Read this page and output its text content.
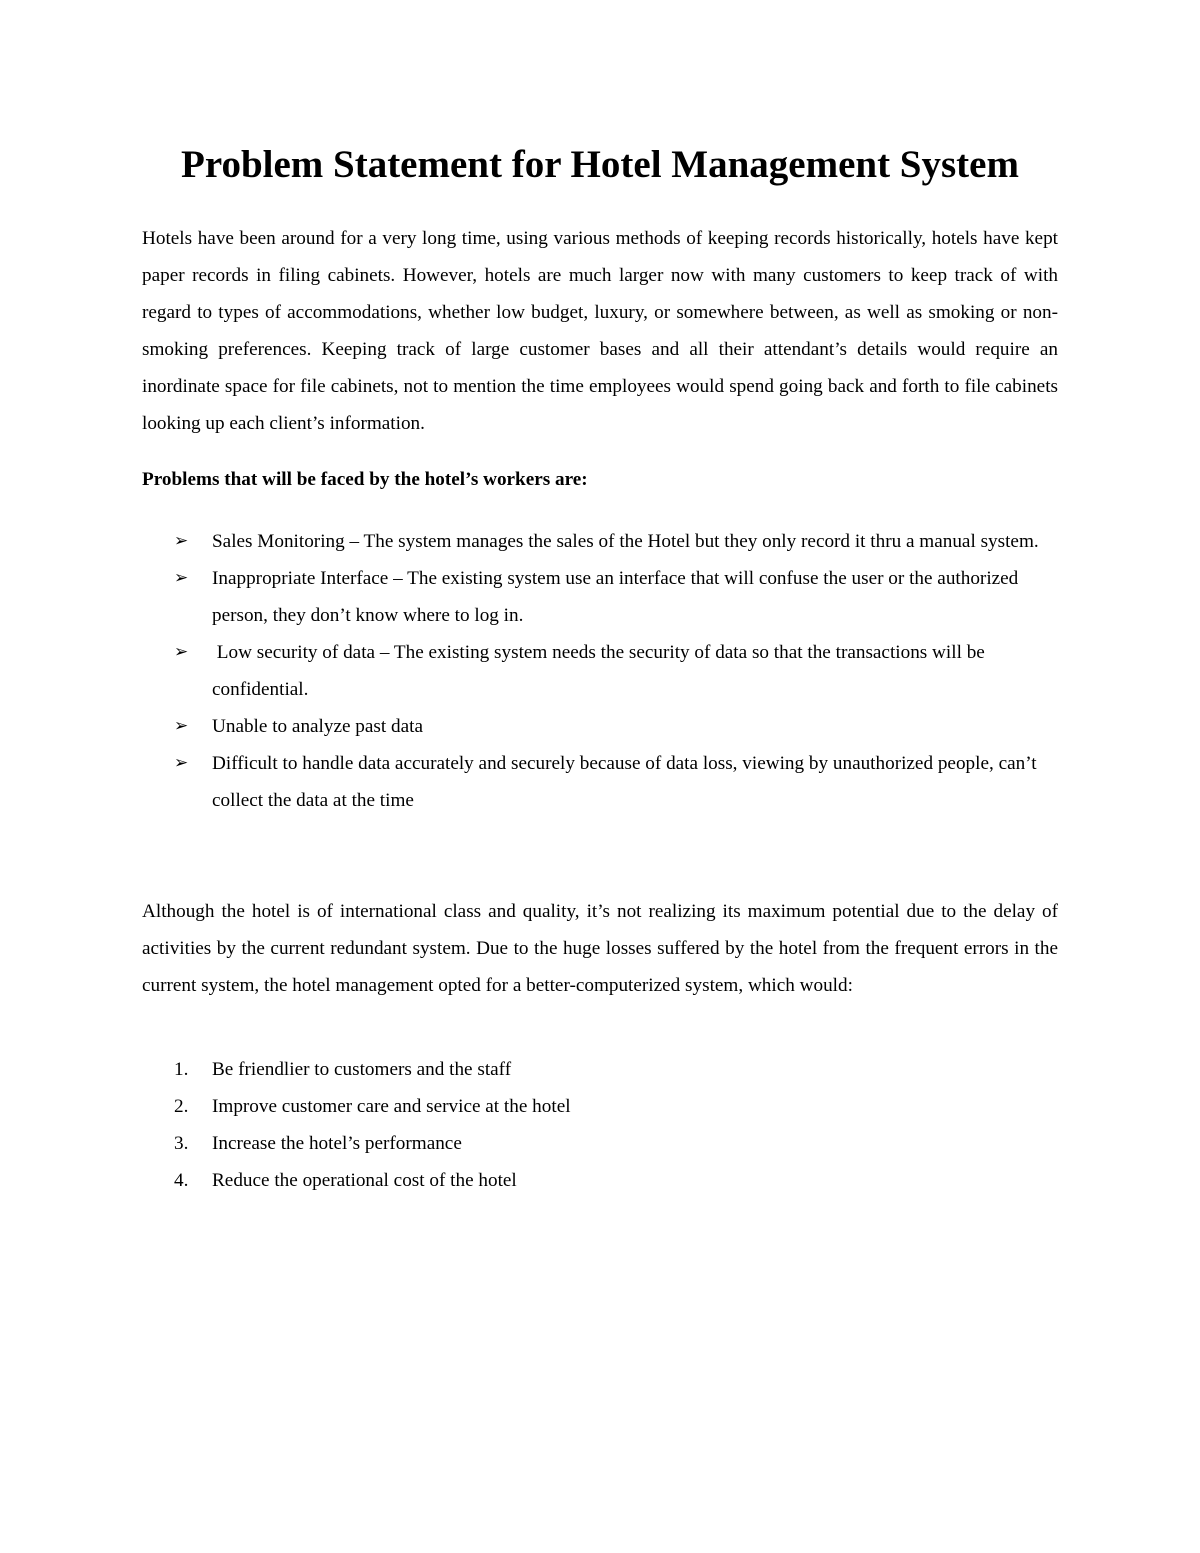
Problem Statement for Hotel Management System

Hotels have been around for a very long time, using various methods of keeping records historically, hotels have kept paper records in filing cabinets. However, hotels are much larger now with many customers to keep track of with regard to types of accommodations, whether low budget, luxury, or somewhere between, as well as smoking or non-smoking preferences. Keeping track of large customer bases and all their attendant’s details would require an inordinate space for file cabinets, not to mention the time employees would spend going back and forth to file cabinets looking up each client’s information.

Problems that will be faced by the hotel’s workers are:

➢ Sales Monitoring – The system manages the sales of the Hotel but they only record it thru a manual system.
➢ Inappropriate Interface – The existing system use an interface that will confuse the user or the authorized person, they don’t know where to log in.
➢ Low security of data – The existing system needs the security of data so that the transactions will be confidential.
➢ Unable to analyze past data
➢ Difficult to handle data accurately and securely because of data loss, viewing by unauthorized people, can’t collect the data at the time

Although the hotel is of international class and quality, it’s not realizing its maximum potential due to the delay of activities by the current redundant system. Due to the huge losses suffered by the hotel from the frequent errors in the current system, the hotel management opted for a better-computerized system, which would:

1. Be friendlier to customers and the staff
2. Improve customer care and service at the hotel
3. Increase the hotel’s performance
4. Reduce the operational cost of the hotel
